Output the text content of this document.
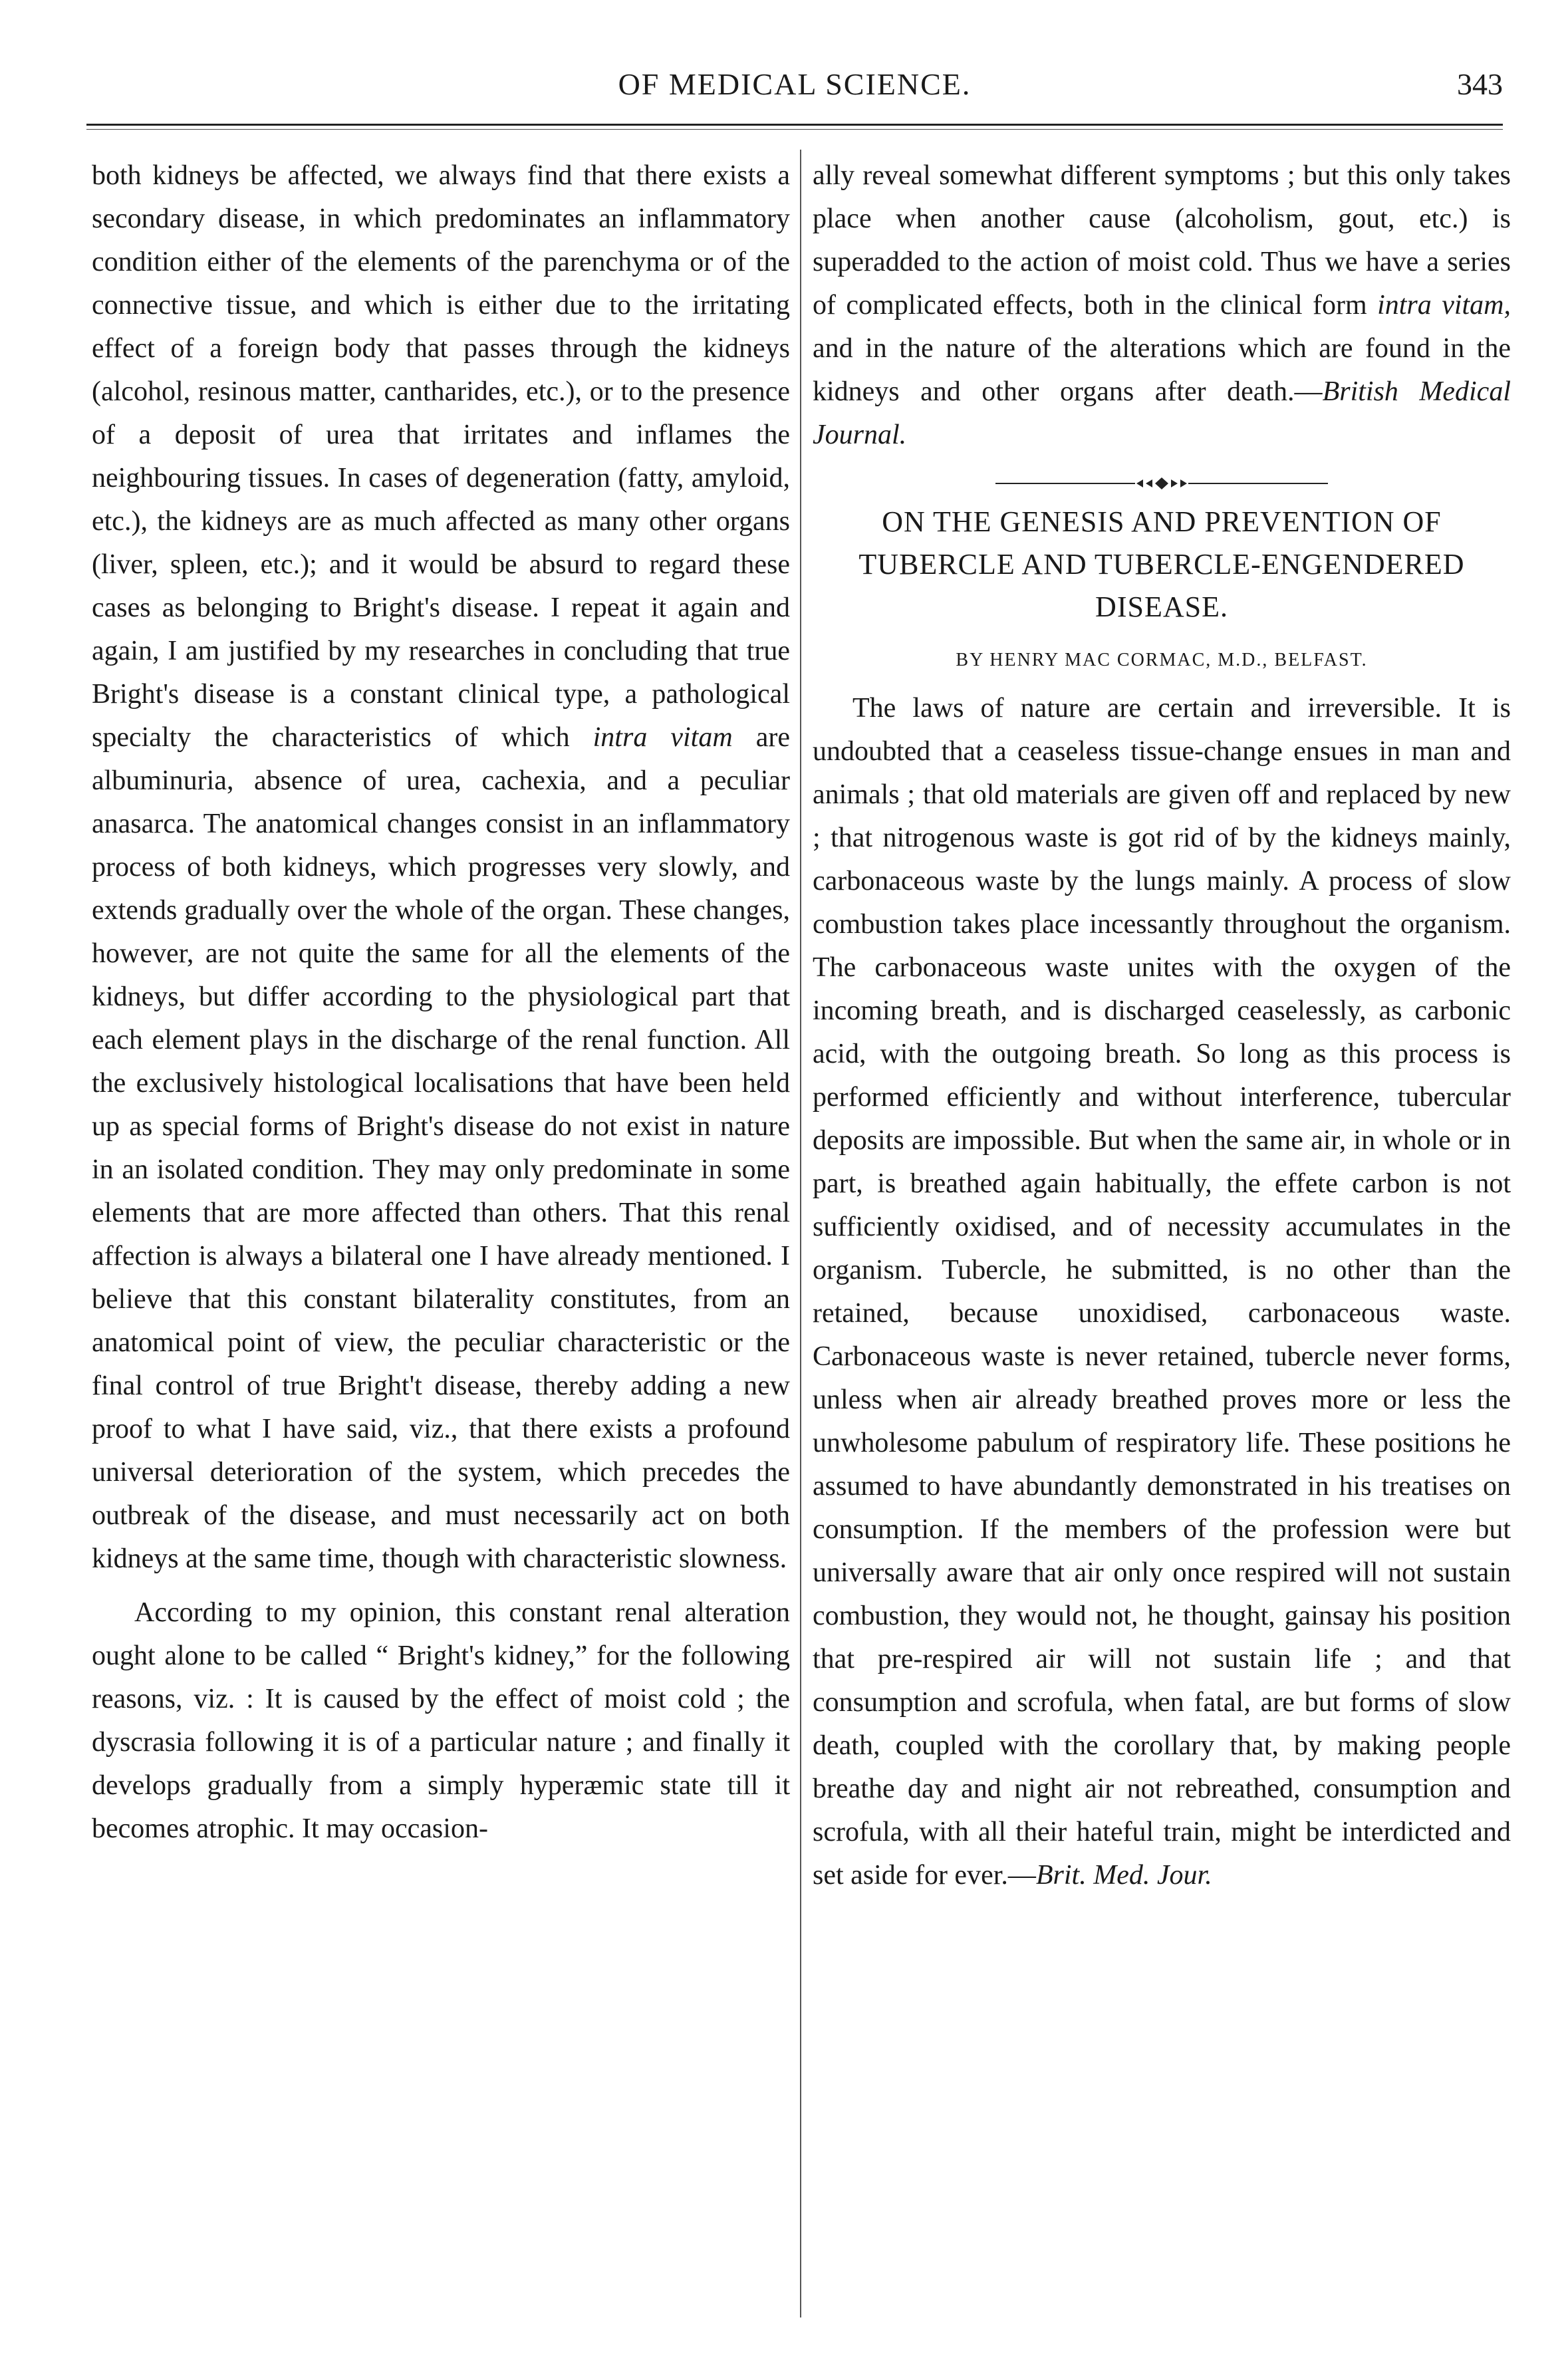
OF MEDICAL SCIENCE.	343

both kidneys be affected, we always find that there exists a secondary disease, in which predominates an inflammatory condition either of the elements of the parenchyma or of the connective tissue, and which is either due to the irritating effect of a foreign body that passes through the kidneys (alcohol, resinous matter, cantharides, etc.), or to the presence of a deposit of urea that irritates and inflames the neighbouring tissues. In cases of degeneration (fatty, amyloid, etc.), the kidneys are as much affected as many other organs (liver, spleen, etc.); and it would be absurd to regard these cases as belonging to Bright's disease. I repeat it again and again, I am justified by my researches in concluding that true Bright's disease is a constant clinical type, a pathological specialty the characteristics of which intra vitam are albuminuria, absence of urea, cachexia, and a peculiar anasarca. The anatomical changes consist in an inflammatory process of both kidneys, which progresses very slowly, and extends gradually over the whole of the organ. These changes, however, are not quite the same for all the elements of the kidneys, but differ according to the physiological part that each element plays in the discharge of the renal function. All the exclusively histological localisations that have been held up as special forms of Bright's disease do not exist in nature in an isolated condition. They may only predominate in some elements that are more affected than others. That this renal affection is always a bilateral one I have already mentioned. I believe that this constant bilaterality constitutes, from an anatomical point of view, the peculiar characteristic or the final control of true Bright't disease, thereby adding a new proof to what I have said, viz., that there exists a profound universal deterioration of the system, which precedes the outbreak of the disease, and must necessarily act on both kidneys at the same time, though with characteristic slowness.

According to my opinion, this constant renal alteration ought alone to be called “ Bright's kidney,” for the following reasons, viz. : It is caused by the effect of moist cold ; the dyscrasia following it is of a particular nature ; and finally it develops gradually from a simply hyperæmic state till it becomes atrophic. It may occasion-

ally reveal somewhat different symptoms ; but this only takes place when another cause (alcoholism, gout, etc.) is superadded to the action of moist cold. Thus we have a series of complicated effects, both in the clinical form intra vitam, and in the nature of the alterations which are found in the kidneys and other organs after death.—British Medical Journal.

ON THE GENESIS AND PREVENTION OF TUBERCLE AND TUBERCLE-ENGENDERED DISEASE.
BY HENRY MAC CORMAC, M.D., BELFAST.

The laws of nature are certain and irreversible. It is undoubted that a ceaseless tissue-change ensues in man and animals ; that old materials are given off and replaced by new ; that nitrogenous waste is got rid of by the kidneys mainly, carbonaceous waste by the lungs mainly. A process of slow combustion takes place incessantly throughout the organism. The carbonaceous waste unites with the oxygen of the incoming breath, and is discharged ceaselessly, as carbonic acid, with the outgoing breath. So long as this process is performed efficiently and without interference, tubercular deposits are impossible. But when the same air, in whole or in part, is breathed again habitually, the effete carbon is not sufficiently oxidised, and of necessity accumulates in the organism. Tubercle, he submitted, is no other than the retained, because unoxidised, carbonaceous waste. Carbonaceous waste is never retained, tubercle never forms, unless when air already breathed proves more or less the unwholesome pabulum of respiratory life. These positions he assumed to have abundantly demonstrated in his treatises on consumption. If the members of the profession were but universally aware that air only once respired will not sustain combustion, they would not, he thought, gainsay his position that pre-respired air will not sustain life ; and that consumption and scrofula, when fatal, are but forms of slow death, coupled with the corollary that, by making people breathe day and night air not rebreathed, consumption and scrofula, with all their hateful train, might be interdicted and set aside for ever.—Brit. Med. Jour.
